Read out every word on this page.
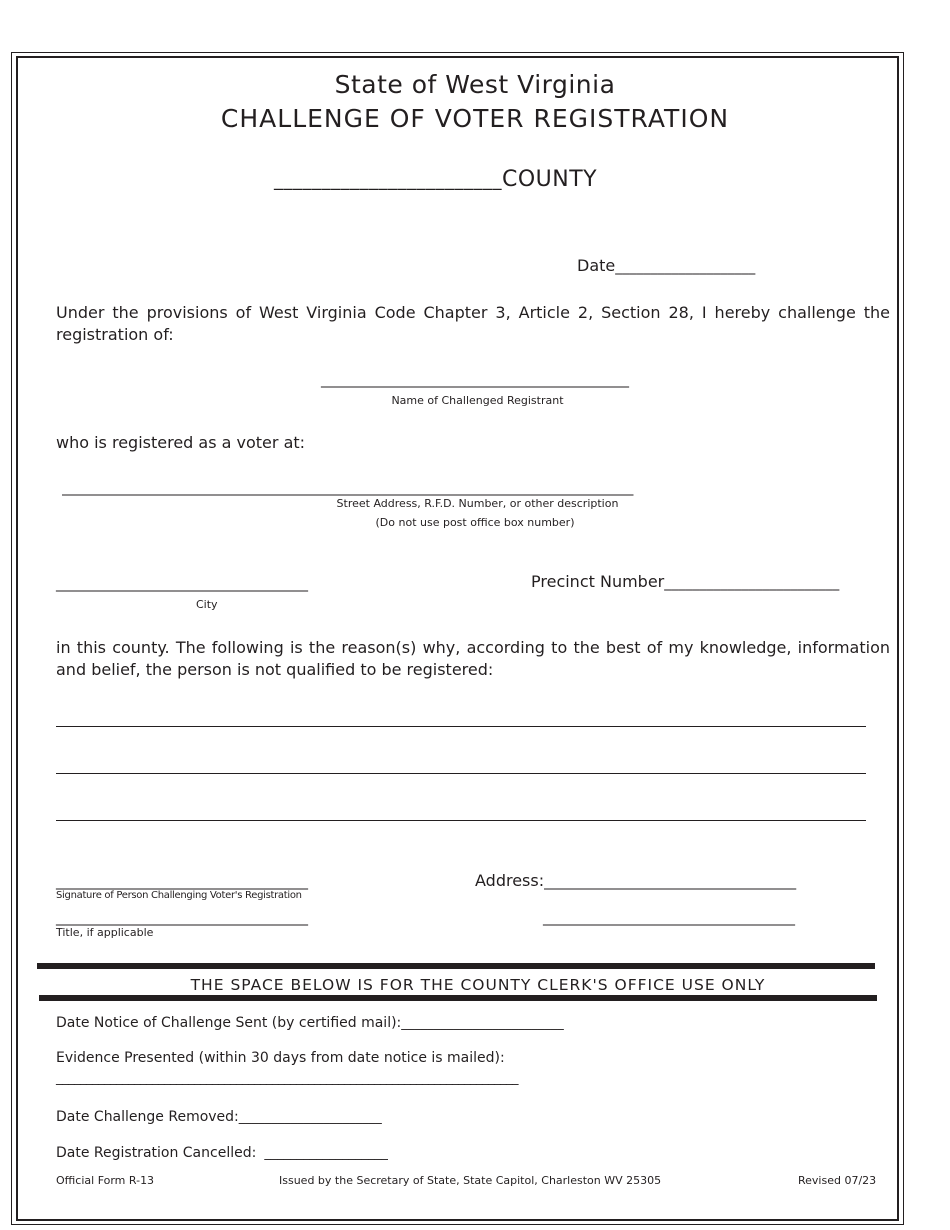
State of West Virginia
CHALLENGE OF VOTER REGISTRATION
________________________COUNTY
Date____________________
Under the provisions of West Virginia Code Chapter 3, Article 2, Section 28, I hereby challenge the registration of:
____________________________________________
Name of Challenged Registrant
who is registered as a voter at:
____________________________________________________________________________________
Street Address, R.F.D. Number, or other description
(Do not use post office box number)
____________________________________
City
Precinct Number_________________________
in this county. The following is the reason(s) why, according to the best of my knowledge, information and belief, the person is not qualified to be registered:
____________________________________
Signature of Person Challenging Voter's Registration
Address:____________________________________
____________________________________
Title, if applicable
____________________________________
THE SPACE BELOW IS FOR THE COUNTY CLERK'S OFFICE USE ONLY
Date Notice of Challenge Sent (by certified mail):_________________________
Evidence Presented (within 30 days from date notice is mailed):
_____________________________________________________________________________
Date Challenge Removed:______________________
Date Registration Cancelled: ___________________
Official Form R-13	Issued by the Secretary of State, State Capitol, Charleston WV 25305	Revised 07/23
